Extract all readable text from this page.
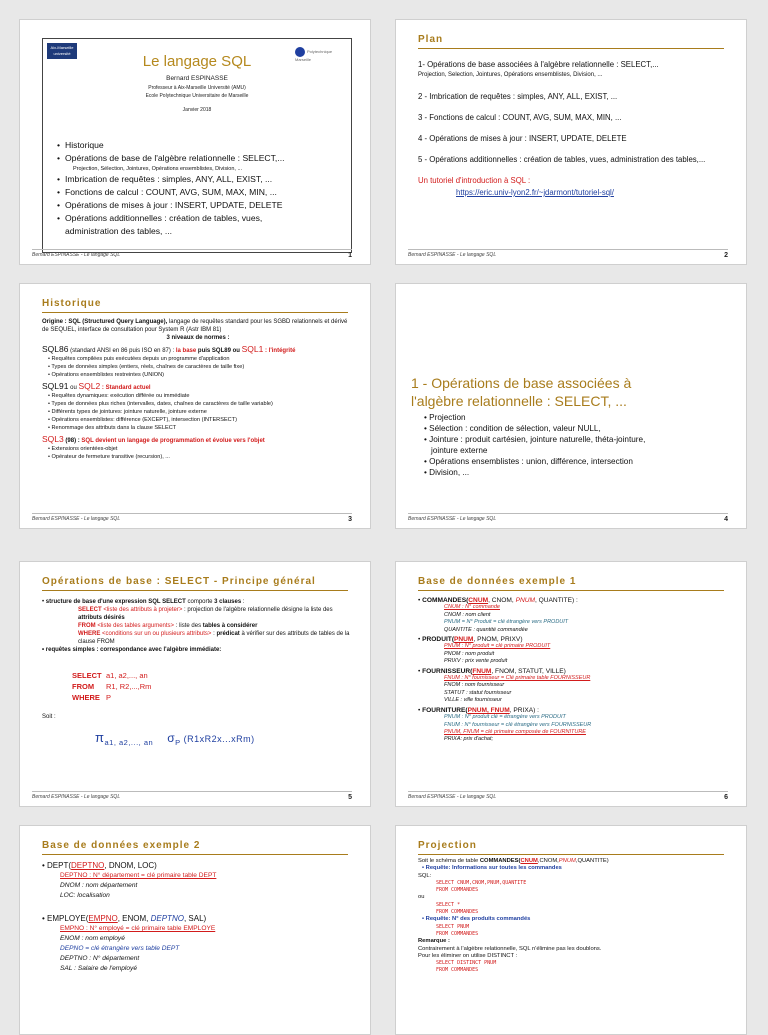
Aix-Marseille université	Polytechnique Marseille
Le langage SQL
Bernard ESPINASSE
Professeur à Aix-Marseille Université (AMU)
Ecole Polytechnique Universitaire de Marseille
Janvier 2018
• Historique
• Opérations de base de l'algèbre relationnelle : SELECT,...
Projection, Sélection, Jointures, Opérations ensemblistes, Division, ...
• Imbrication de requêtes : simples, ANY, ALL, EXIST, ...
• Fonctions de calcul : COUNT, AVG, SUM, MAX, MIN, ...
• Opérations de mises à jour : INSERT, UPDATE, DELETE
• Opérations additionnelles : création de tables, vues,
administration des tables, ...
Bernard ESPINASSE - Le langage SQL	1
Plan

1- Opérations de base associées à l'algèbre relationnelle : SELECT,...
Projection, Selection, Jointures, Opérations ensemblistes, Division, ...

2 - Imbrication de requêtes : simples, ANY, ALL, EXIST, ...

3 - Fonctions de calcul : COUNT, AVG, SUM, MAX, MIN, ...

4 - Opérations de mises à jour : INSERT, UPDATE, DELETE

5 - Opérations additionnelles : création de tables, vues, administration des tables,...

Un tutoriel d'introduction à SQL :

https://eric.univ-lyon2.fr/~jdarmont/tutoriel-sql/

Bernard ESPINASSE - Le langage SQL	2
Historique

Origine : SQL (Structured Query Language), langage de requêtes standard pour les SGBD relationnels et dérivé de SEQUEL, interface de consultation pour System R (Astr IBM 81)

3 niveaux de normes :

SQL86 (standard ANSI en 86 puis ISO en 87) : la base puis SQL89 ou SQL1 : l'intégrité

• Requêtes compilées puis exécutées depuis un programme d'application

• Types de données simples (entiers, réels, chaînes de caractères de taille fixe)

• Opérations ensemblistes restreintes (UNION)

SQL91 ou SQL2 : Standard actuel

• Requêtes dynamiques: exécution différée ou immédiate

• Types de données plus riches (intervalles, dates, chaînes de caractères de taille variable)

• Différents types de jointures: jointure naturelle, jointure externe

• Opérations ensemblistes: différence (EXCEPT), intersection (INTERSECT)

• Renommage des attributs dans la clause SELECT

SQL3 (98) : SQL devient un langage de programmation et évolue vers l'objet

• Extensions orientées-objet

• Opérateur de fermeture transitive (recursion), ...

Bernard ESPINASSE - Le langage SQL	3
1 - Opérations de base associées à
l'algèbre relationnelle : SELECT, ...
• Projection
• Sélection : condition de sélection, valeur NULL,
• Jointure : produit cartésien, jointure naturelle, théta-jointure,
jointure externe
• Opérations ensemblistes : union, différence, intersection
• Division, ...
Bernard ESPINASSE - Le langage SQL	4
Opérations de base : SELECT - Principe général

• structure de base d'une expression SQL SELECT comporte 3 clauses :

SELECT <liste des attributs à projeter> : projection de l'algèbre relationnelle désigne la liste des attributs désirés

FROM <liste des tables arguments> : liste des tables à considérer

WHERE <conditions sur un ou plusieurs attributs> : prédicat à vérifier sur des attributs de tables de la clause FROM

• requêtes simples : correspondance avec l'algèbre immédiate:

SELECT a1, a2,..., an
FROM R1, R2,...,Rm
WHERE P
Soit :
$\pi_{a1, a2,..., an}$ $\sigma_P$ (R1xR2x...xRm)
Bernard ESPINASSE - Le langage SQL	5
Base de données exemple 1

• COMMANDES(CNUM, CNOM, PNUM, QUANTITE) :

CNUM : N° commande

CNOM : nom client

PNUM = N° Produit = clé étrangère vers PRODUIT

QUANTITE : quantité commandée

• PRODUIT(PNUM, PNOM, PRIXV)

PNUM : N° produit = clé primaire PRODUIT

PNOM : nom produit

PRIXV : prix vente produit

• FOURNISSEUR(FNUM, FNOM, STATUT, VILLE)

FNUM : N° fournisseur = Clé primaire table FOURNISSEUR

FNOM : nom fournisseur

STATUT : statut fournisseur

VILLE : ville fournisseur

• FOURNITURE(PNUM, FNUM, PRIXA) :

PNUM : N° produit clé = étrangère vers PRODUIT

FNUM : N° fournisseur = clé étrangère vers FOURNISSEUR

PNUM, FNUM = clé primaire composée de FOURNITURE

PRIXA: prix d'achat;

Bernard ESPINASSE - Le langage SQL	6
Base de données exemple 2

• DEPT(DEPTNO, DNOM, LOC)

DEPTNO : N° département = clé primaire table DEPT

DNOM : nom département

LOC: localisation

• EMPLOYE(EMPNO, ENOM, DEPTNO, SAL)

EMPNO : N° employé = clé primaire table EMPLOYE

ENOM : nom employé

DEPNO = clé étrangère vers table DEPT

DEPTNO : N° département

SAL : Salaire de l'employé

Projection

Soit le schéma de table COMMANDES(CNUM,CNOM,PNUM,QUANTITE)

• Requête: Informations sur toutes les commandes

SQL:

SELECT CNUM,CNOM,PNUM,QUANTITE

FROM COMMANDES

ou

SELECT *

FROM COMMANDES

• Requête: N° des produits commandés

SELECT PNUM

FROM COMMANDES

Remarque :

Contrairement à l'algèbre relationnelle, SQL n'élimine pas les doublons.

Pour les éliminer on utilise DISTINCT :

SELECT DISTINCT PNUM

FROM COMMANDES
